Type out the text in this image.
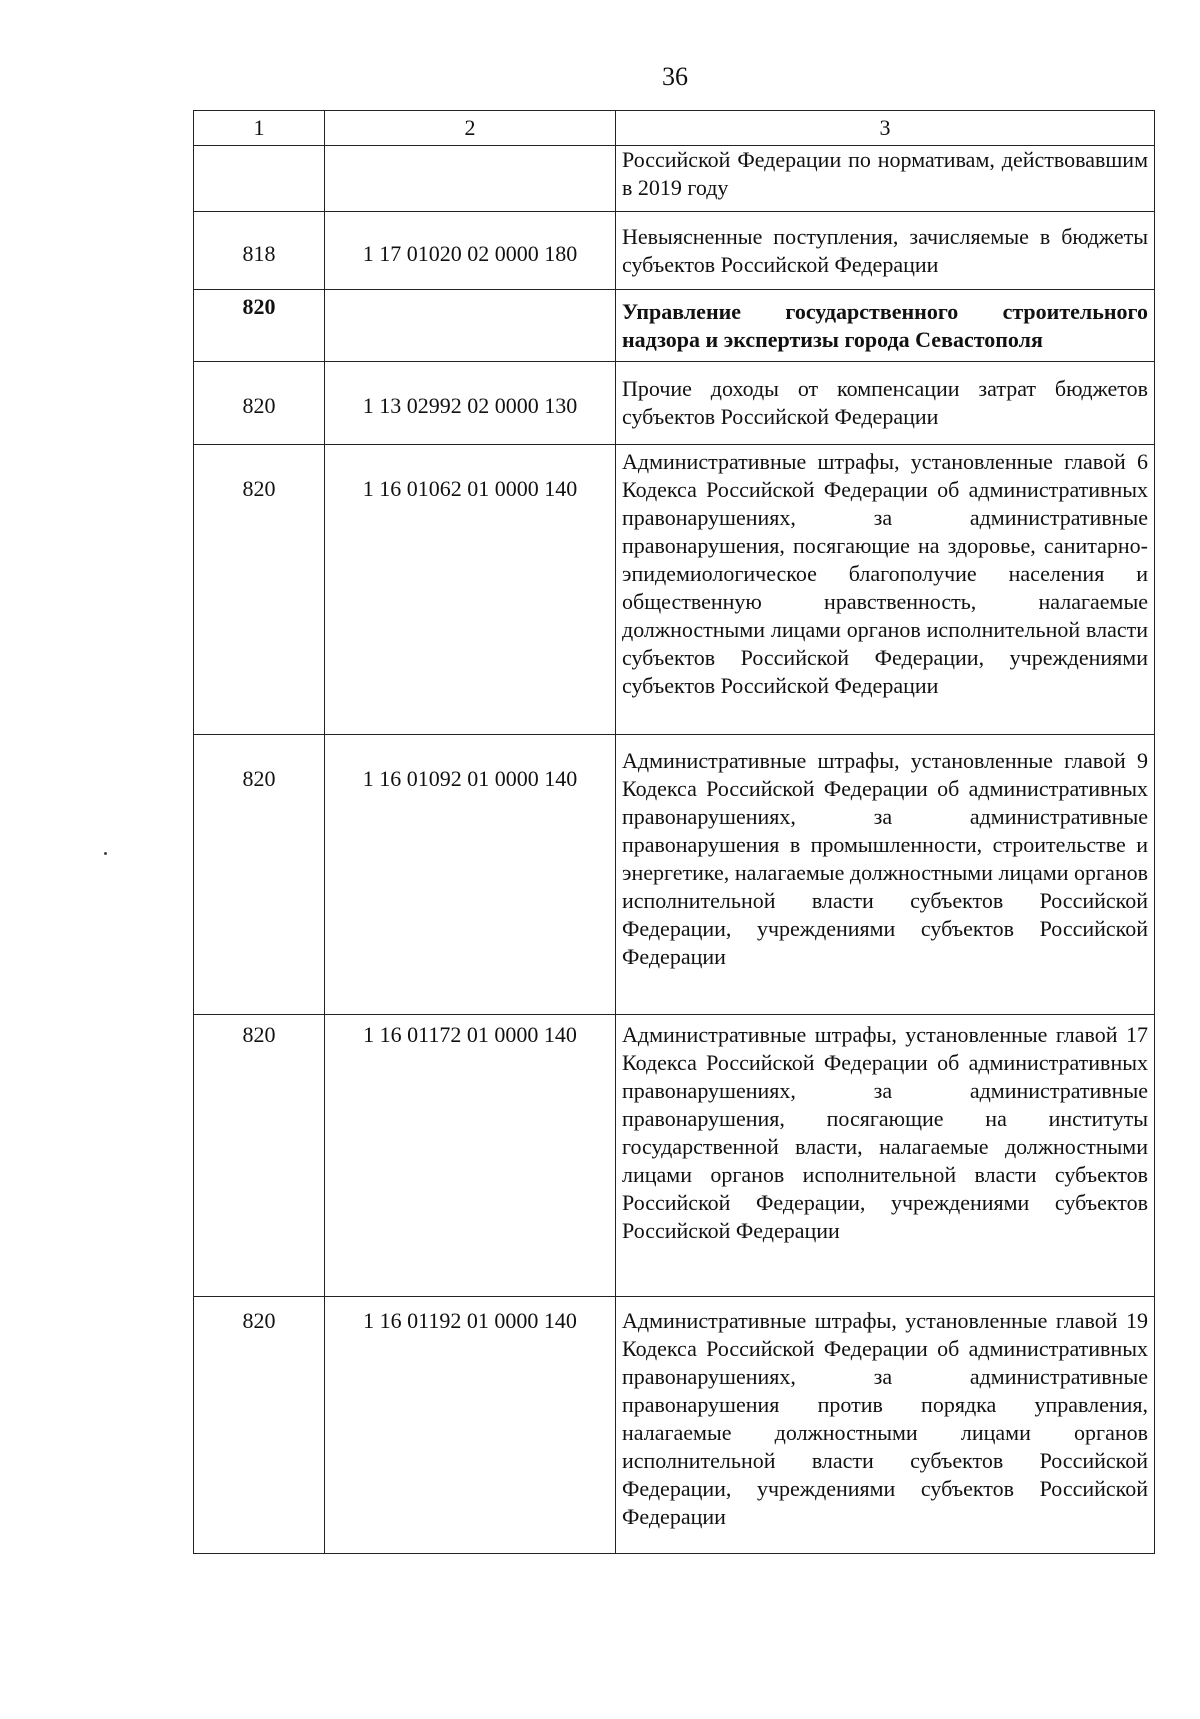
36
1	2	3
		Российской Федерации по нормативам, действовавшим в 2019 году
818	1 17 01020 02 0000 180	Невыясненные поступления, зачисляемые в бюджеты субъектов Российской Федерации
820		Управление государственного строительного надзора и экспертизы города Севастополя
820	1 13 02992 02 0000 130	Прочие доходы от компенсации затрат бюджетов субъектов Российской Федерации
820	1 16 01062 01 0000 140	Административные штрафы, установленные главой 6 Кодекса Российской Федерации об административных правонарушениях, за административные правонарушения, посягающие на здоровье, санитарно-эпидемиологическое благополучие населения и общественную нравственность, налагаемые должностными лицами органов исполнительной власти субъектов Российской Федерации, учреждениями субъектов Российской Федерации
820	1 16 01092 01 0000 140	Административные штрафы, установленные главой 9 Кодекса Российской Федерации об административных правонарушениях, за административные правонарушения в промышленности, строительстве и энергетике, налагаемые должностными лицами органов исполнительной власти субъектов Российской Федерации, учреждениями субъектов Российской Федерации
820	1 16 01172 01 0000 140	Административные штрафы, установленные главой 17 Кодекса Российской Федерации об административных правонарушениях, за административные правонарушения, посягающие на институты государственной власти, налагаемые должностными лицами органов исполнительной власти субъектов Российской Федерации, учреждениями субъектов Российской Федерации
820	1 16 01192 01 0000 140	Административные штрафы, установленные главой 19 Кодекса Российской Федерации об административных правонарушениях, за административные правонарушения против порядка управления, налагаемые должностными лицами органов исполнительной власти субъектов Российской Федерации, учреждениями субъектов Российской Федерации
